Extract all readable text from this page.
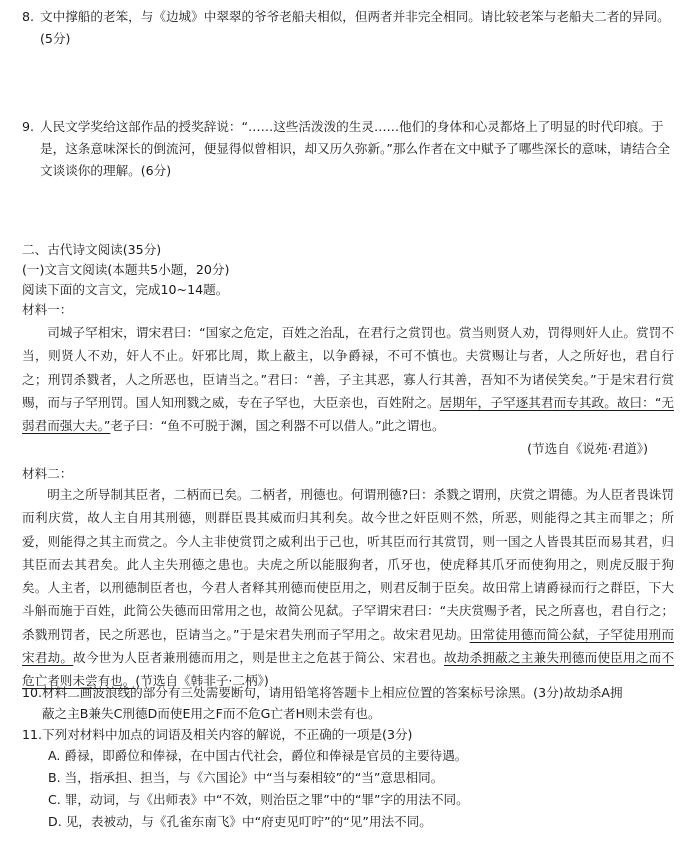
8. 文中撑船的老笨，与《边城》中翠翠的爷爷老船夫相似，但两者并非完全相同。请比较老笨与老船夫二者的异同。(5分)
9. 人民文学奖给这部作品的授奖辞说：“……这些活泼泼的生灵……他们的身体和心灵都烙上了明显的时代印痕。于是，这条意味深长的倒流河，便显得似曾相识，却又历久弥新。”那么作者在文中赋予了哪些深长的意味，请结合全文谈谈你的理解。(6分)
二、古代诗文阅读(35分)
(一)文言文阅读(本题共5小题，20分)
阅读下面的文言文，完成10~14题。
材料一：
司城子罕相宋，谓宋君曰：“国家之危定，百姓之治乱，在君行之赏罚也。赏当则贤人劝，罚得则奸人止。赏罚不当，则贤人不劝，奸人不止。奸邪比周，欺上蔽主，以争爵禄，不可不慎也。夫赏赐让与者，人之所好也，君自行之；刑罚杀戮者，人之所恶也，臣请当之。”君曰：“善，子主其恶，寡人行其善，吾知不为诸侯笑矣。”于是宋君行赏赐，而与子罕刑罚。国人知刑戮之威，专在子罕也，大臣亲也，百姓附之。居期年，子罕逐其君而专其政。故曰：“无弱君而强大夫。”老子曰：“鱼不可脱于渊，国之利器不可以借人。”此之谓也。
(节选自《说苑·君道》)
材料二：
明主之所导制其臣者，二柄而已矣。二柄者，刑德也。何谓刑德?曰：杀戮之谓刑，庆赏之谓德。为人臣者畏诛罚而利庆赏，故人主自用其刑德，则群臣畏其威而归其利矣。故今世之奸臣则不然，所恶，则能得之其主而罪之；所爱，则能得之其主而赏之。今人主非使赏罚之威利出于己也，听其臣而行其赏罚，则一国之人皆畏其臣而易其君，归其臣而去其君矣。此人主失刑德之患也。夫虎之所以能服狗者，爪牙也，使虎释其爪牙而使狗用之，则虎反服于狗矣。人主者，以刑德制臣者也，今君人者释其刑德而使臣用之，则君反制于臣矣。故田常上请爵禄而行之群臣，下大斗斛而施于百姓，此简公失德而田常用之也，故简公见弑。子罕谓宋君曰：“夫庆赏赐予者，民之所喜也，君自行之；杀戮刑罚者，民之所恶也，臣请当之。”于是宋君失刑而子罕用之。故宋君见劫。田常徒用德而简公弑，子罕徒用刑而宋君劫。故今世为人臣者兼刑德而用之，则是世主之危甚于简公、宋君也。故劫杀拥蔽之主兼失刑德而使臣用之而不危亡者则未尝有也。(节选自《韩非子·二柄》)
10. 材料二画波浪线的部分有三处需要断句，请用铅笔将答题卡上相应位置的答案标号涂黑。(3分)故劫杀A拥
蔽之主B兼失C刑德D而使E用之F而不危G亡者H则未尝有也。
11. 下列对材料中加点的词语及相关内容的解说，不正确的一项是(3分)
A. 爵禄，即爵位和俸禄，在中国古代社会，爵位和俸禄是官员的主要待遇。
B. 当，指承担、担当，与《六国论》中“当与秦相较”的“当”意思相同。
C. 罪，动词，与《出师表》中“不效，则治臣之罪”中的“罪”字的用法不同。
D. 见，表被动，与《孔雀东南飞》中“府吏见叮咛”的“见”用法不同。
